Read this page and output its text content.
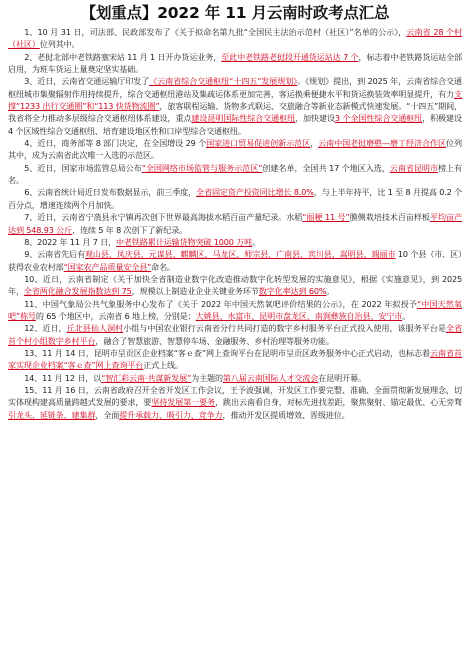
【划重点】2022 年 11 月云南时政考点汇总

1、10 月 31 日，司法部、民政部发布了《关于拟命名第九批“全国民主法治示范村（社区）”名单的公示》，云南省 28 个村（社区）位列其中。

2、老挝北部中老铁路塞宋站 11 月 1 日开办货运业务，至此中老铁路老挝段开通货运站达 7 个，标志着中老铁路货运站全部启用，为班车货运上量奠定坚实基础。

3、近日，云南省交通运输厅印发了《云南省综合交通枢纽“十四五”发展规划》。《规划》提出，到 2025 年，云南省综合交通枢纽城市集聚辐射作用持续提升，综合交通枢纽港站及集疏运体系更加完善，客运换乘便捷水平和货运换装效率明显提升，有力支撑“1233 出行交通圈”和“113 快货物流圈”，旅客联程运输、货物多式联运、交旅融合等新业态新模式快速发展。“十四五”期间，我省将全力推动多层级综合交通枢纽体系建设，重点建设昆明国际性综合交通枢纽，加快建设3 个全国性综合交通枢纽，积极建设 4 个区域性综合交通枢纽、培育建设地区性和口岸型综合交通枢纽。

4、近日，商务部等 8 部门决定，在全国增设 29 个国家进口贸易促进创新示范区，云南中国老挝磨憨—磨丁经济合作区位列其中，成为云南省此次唯一入选的示范区。

5、近日，国家市场监管总局公布“全国网络市场监管与服务示范区”创建名单，全国共 17 个地区入选，云南省昆明市榜上有名。

6、云南省统计局近日发布数据显示，前三季度，全省固定资产投资同比增长 8.0%，与上半年持平，比 1 至 8 月提高 0.2 个百分点，增速连续两个月加快。

7、近日，云南省宁蒗县永宁镇再次创下世界最高海拔水稻百亩产量纪录。水稻“丽粳 11 号”膜侧栽培技术百亩样板平均亩产达到 548.93 公斤，连续 5 年 8 次创下了新纪录。

8、2022 年 11 月 7 日，中老铁路累计运输货物突破 1000 万吨。

9、云南省先后有观山县、凤庆县、元谋县、麒麟区、马龙区、师宗县、广南县、宾川县、嵩明县、瑞丽市 10 个县（市、区）获得农业农村部“国家农产品质量安全县”命名。

10、近日，云南省制定《关于加快全省制造业数字化改造推动数字化转型发展的实施意见》，根据《实施意见》，到 2025 年，全省两化融合发展指数达到 75，规模以上制造业企业关键业务环节数字化率达到 60%。

11、中国气象局公共气象服务中心发布了《关于 2022 年中国天然氧吧评价结果的公示》，在 2022 年拟授予“中国天然氧吧”称号的 65 个地区中，云南省 6 地上榜，分别是：大姚县、水富市、昆明市盘龙区、南涧彝族自治县、安宁市。

12、近日，丘北县仙人洞村小组与中国农业银行云南省分行共同打造的数字乡村服务平台正式投入使用，该服务平台是全省首个村小组数字乡村平台，融合了智慧旅游、智慧停车场、金融服务、乡村治理等服务功能。

13、11 月 14 日，昆明市呈贡区企业档案“客ｅ查”网上查询平台在昆明市呈贡区政务服务中心正式启动，也标志着云南省首家实现企业档案“客ｅ查”网上查询平台正式上线。

14、11 月 12 日，以“智汇彩云南·共谋新发展”为主题的第八届云南国际人才交流会在昆明开幕。

15、11 月 16 日，云南省政府召开全省开发区工作会议，王予波强调，开发区工作要完整、准确、全面贯彻新发展理念，切实体现构建高质量跨越式发展的要求，要坚持发展第一要务，跳出云南看自身，对标先进找差距，聚焦聚射、锚定最优、心无旁骛引龙头、延链条、建集群，全面提升承载力、吸引力、竞争力，推动开发区提质增效、晋级进位。
